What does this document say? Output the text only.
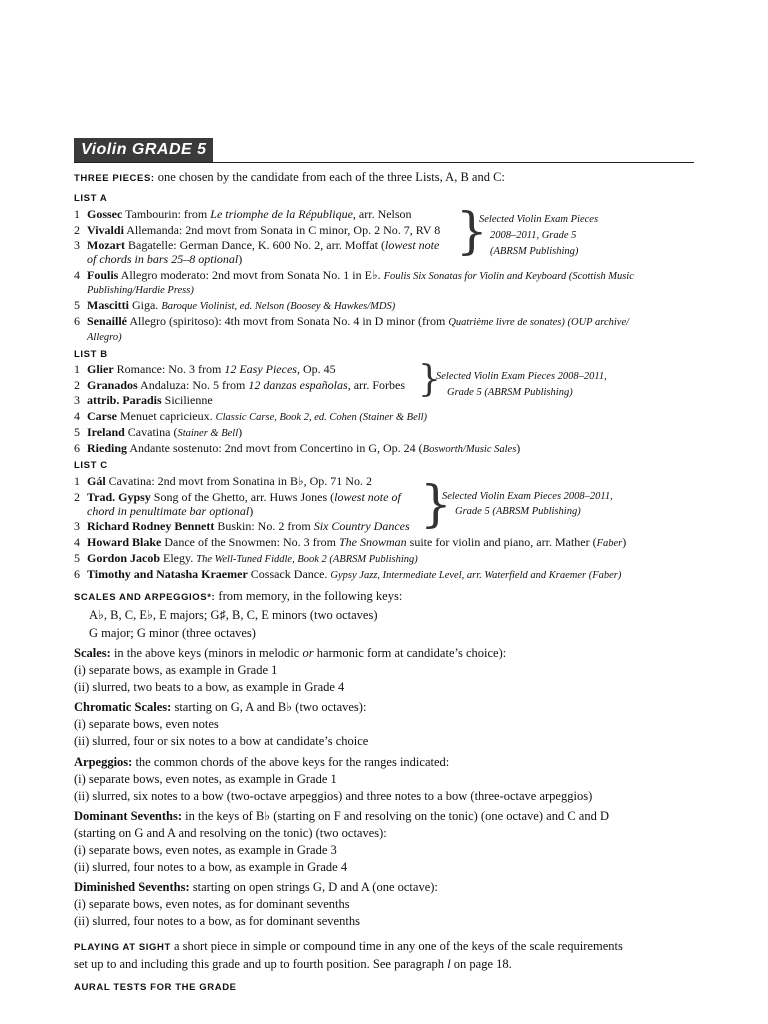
Violin GRADE 5
THREE PIECES: one chosen by the candidate from each of the three Lists, A, B and C:
LIST A
1 Gossec Tambourin: from Le triomphe de la République, arr. Nelson
2 Vivaldi Allemanda: 2nd movt from Sonata in C minor, Op. 2 No. 7, RV 8
3 Mozart Bagatelle: German Dance, K. 600 No. 2, arr. Moffat (lowest note
of chords in bars 25–8 optional)	}
Selected Violin Exam Pieces
2008–2011, Grade 5
(ABRSM Publishing)
4 Foulis Allegro moderato: 2nd movt from Sonata No. 1 in E♭. Foulis Six Sonatas for Violin and Keyboard (Scottish Music
Publishing/Hardie Press)
5 Mascitti Giga. Baroque Violinist, ed. Nelson (Boosey & Hawkes/MDS)
6 Senaillé Allegro (spiritoso): 4th movt from Sonata No. 4 in D minor (from Quatrième livre de sonates) (OUP archive/
Allegro)
LIST B
1 Glier Romance: No. 3 from 12 Easy Pieces, Op. 45
2 Granados Andaluza: No. 5 from 12 danzas españolas, arr. Forbes
3 attrib. Paradis Sicilienne	}
Selected Violin Exam Pieces 2008–2011,
Grade 5 (ABRSM Publishing)
4 Carse Menuet capricieux. Classic Carse, Book 2, ed. Cohen (Stainer & Bell)
5 Ireland Cavatina (Stainer & Bell)
6 Rieding Andante sostenuto: 2nd movt from Concertino in G, Op. 24 (Bosworth/Music Sales)
LIST C
1 Gál Cavatina: 2nd movt from Sonatina in B♭, Op. 71 No. 2
2 Trad. Gypsy Song of the Ghetto, arr. Huws Jones (lowest note of
chord in penultimate bar optional)
3 Richard Rodney Bennett Buskin: No. 2 from Six Country Dances }
Selected Violin Exam Pieces 2008–2011,
Grade 5 (ABRSM Publishing)
4 Howard Blake Dance of the Snowmen: No. 3 from The Snowman suite for violin and piano, arr. Mather (Faber)
5 Gordon Jacob Elegy. The Well-Tuned Fiddle, Book 2 (ABRSM Publishing)
6 Timothy and Natasha Kraemer Cossack Dance. Gypsy Jazz, Intermediate Level, arr. Waterfield and Kraemer (Faber)
SCALES AND ARPEGGIOS*: from memory, in the following keys:
A♭, B, C, E♭, E majors; G♯, B, C, E minors (two octaves)
G major; G minor (three octaves)
Scales: in the above keys (minors in melodic or harmonic form at candidate’s choice):
(i) separate bows, as example in Grade 1
(ii) slurred, two beats to a bow, as example in Grade 4
Chromatic Scales: starting on G, A and B♭ (two octaves):
(i) separate bows, even notes
(ii) slurred, four or six notes to a bow at candidate’s choice
Arpeggios: the common chords of the above keys for the ranges indicated:
(i) separate bows, even notes, as example in Grade 1
(ii) slurred, six notes to a bow (two-octave arpeggios) and three notes to a bow (three-octave arpeggios)
Dominant Sevenths: in the keys of B♭ (starting on F and resolving on the tonic) (one octave) and C and D
(starting on G and A and resolving on the tonic) (two octaves):
(i) separate bows, even notes, as example in Grade 3
(ii) slurred, four notes to a bow, as example in Grade 4
Diminished Sevenths: starting on open strings G, D and A (one octave):
(i) separate bows, even notes, as for dominant sevenths
(ii) slurred, four notes to a bow, as for dominant sevenths
PLAYING AT SIGHT a short piece in simple or compound time in any one of the keys of the scale requirements
set up to and including this grade and up to fourth position. See paragraph l on page 18.
AURAL TESTS FOR THE GRADE
